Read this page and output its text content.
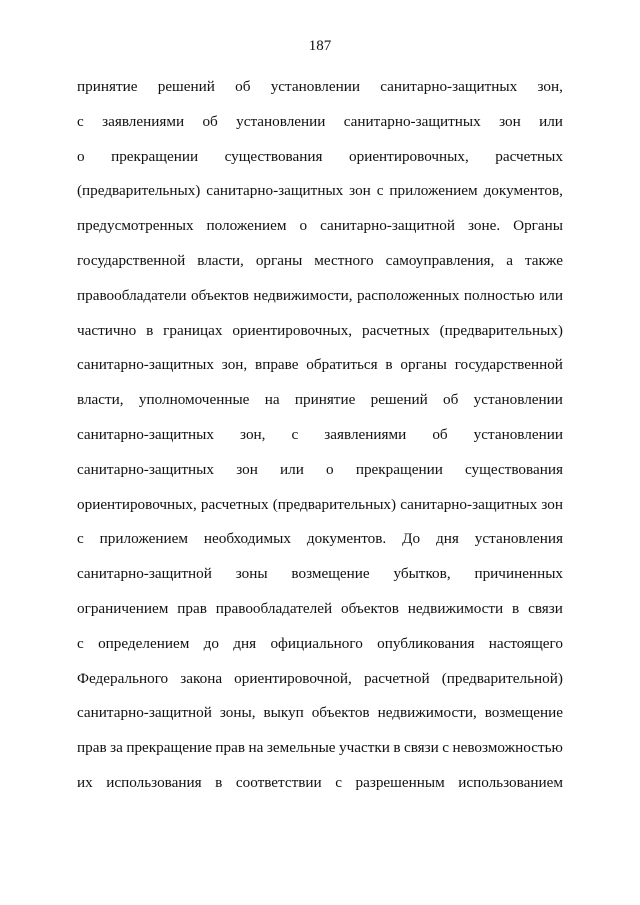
187
принятие решений об установлении санитарно-защитных зон,
с заявлениями об установлении санитарно-защитных зон или
о прекращении существования ориентировочных, расчетных
(предварительных) санитарно-защитных зон с приложением документов,
предусмотренных положением о санитарно-защитной зоне. Органы
государственной власти, органы местного самоуправления, а также
правообладатели объектов недвижимости, расположенных полностью или
частично в границах ориентировочных, расчетных (предварительных)
санитарно-защитных зон, вправе обратиться в органы государственной
власти, уполномоченные на принятие решений об установлении
санитарно-защитных зон, с заявлениями об установлении
санитарно-защитных зон или о прекращении существования
ориентировочных, расчетных (предварительных) санитарно-защитных зон
с приложением необходимых документов. До дня установления
санитарно-защитной зоны возмещение убытков, причиненных
ограничением прав правообладателей объектов недвижимости в связи
с определением до дня официального опубликования настоящего
Федерального закона ориентировочной, расчетной (предварительной)
санитарно-защитной зоны, выкуп объектов недвижимости, возмещение
прав за прекращение прав на земельные участки в связи с невозможностью
их использования в соответствии с разрешенным использованием
